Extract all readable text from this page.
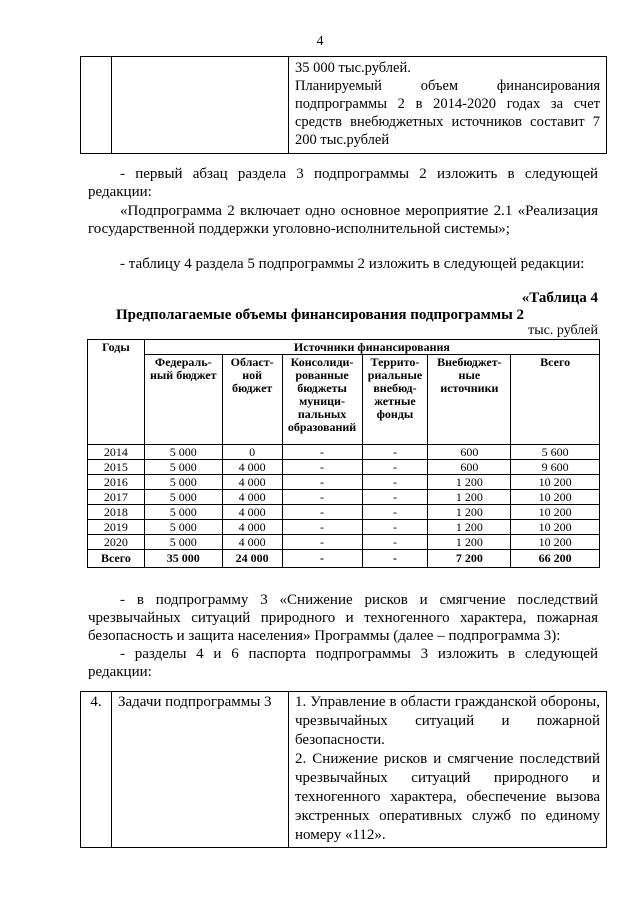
4

35 000 тыс.рублей.

Планируемый объем финансирования подпрограммы 2 в 2014-2020 годах за счет средств внебюджетных источников составит 7 200 тыс.рублей

- первый абзац раздела 3 подпрограммы 2 изложить в следующей редакции:

«Подпрограмма 2 включает одно основное мероприятие 2.1 «Реализация государственной поддержки уголовно-исполнительной системы»;

- таблицу 4 раздела 5 подпрограммы 2 изложить в следующей редакции:

«Таблица 4
Предполагаемые объемы финансирования подпрограммы 2
тыс. рублей
Годы	Источники финансирования					
	Федераль-ный бюджет	Област-ной бюджет	Консолиди-рованные бюджеты муници-пальных образований	Террито-риальные внебюд-жетные фонды	Внебюджет-ные источники	Всего
2014	5 000	0	-	-	600	5 600
2015	5 000	4 000	-	-	600	9 600
2016	5 000	4 000	-	-	1 200	10 200
2017	5 000	4 000	-	-	1 200	10 200
2018	5 000	4 000	-	-	1 200	10 200
2019	5 000	4 000	-	-	1 200	10 200
2020	5 000	4 000	-	-	1 200	10 200
Всего	35 000	24 000	-	-	7 200	66 200

- в подпрограмму 3 «Снижение рисков и смягчение последствий чрезвычайных ситуаций природного и техногенного характера, пожарная безопасность и защита населения» Программы (далее – подпрограмма 3):

- разделы 4 и 6 паспорта подпрограммы 3 изложить в следующей редакции:

4.	Задачи подпрограммы 3	1. Управление в области гражданской обороны, чрезвычайных ситуаций и пожарной безопасности.

2. Снижение рисков и смягчение последствий чрезвычайных ситуаций природного и техногенного характера, обеспечение вызова экстренных оперативных служб по единому номеру «112».
